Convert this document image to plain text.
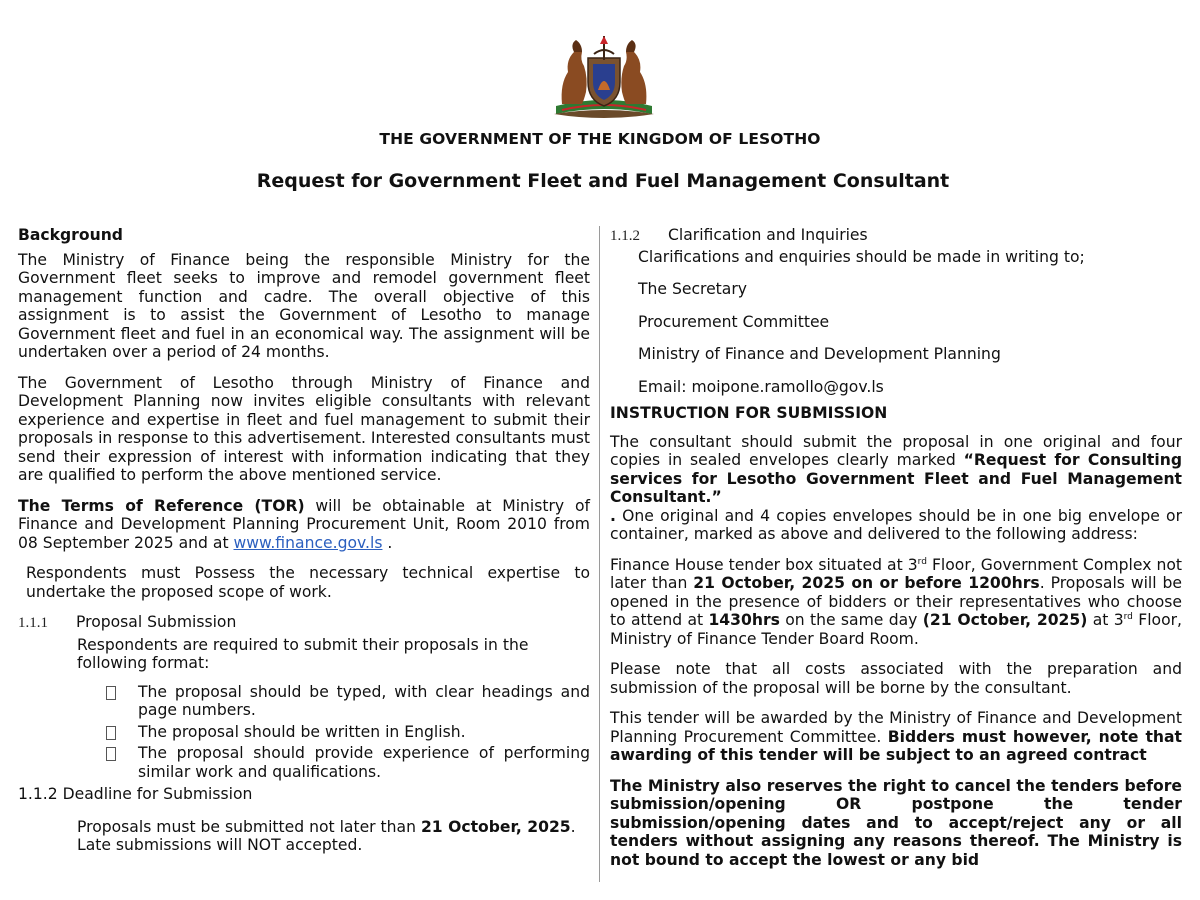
THE GOVERNMENT OF THE KINGDOM OF LESOTHO
Request for Government Fleet and Fuel Management Consultant

Background

The Ministry of Finance being the responsible Ministry for the Government fleet seeks to improve and remodel government fleet management function and cadre. The overall objective of this assignment is to assist the Government of Lesotho to manage Government fleet and fuel in an economical way. The assignment will be undertaken over a period of 24 months.

The Government of Lesotho through Ministry of Finance and Development Planning now invites eligible consultants with relevant experience and expertise in fleet and fuel management to submit their proposals in response to this advertisement. Interested consultants must send their expression of interest with information indicating that they are qualified to perform the above mentioned service.

The Terms of Reference (TOR) will be obtainable at Ministry of Finance and Development Planning Procurement Unit, Room 2010 from 08 September 2025 and at www.finance.gov.ls .

Respondents must Possess the necessary technical expertise to undertake the proposed scope of work.

1.1.1	Proposal Submission

Respondents are required to submit their proposals in the following format:

The proposal should be typed, with clear headings and page numbers.
The proposal should be written in English.
The proposal should provide experience of performing similar work and qualifications.

1.1.2 Deadline for Submission

Proposals must be submitted not later than 21 October, 2025.

Late submissions will NOT accepted.

1.1.2	Clarification and Inquiries

Clarifications and enquiries should be made in writing to;

The Secretary

Procurement Committee

Ministry of Finance and Development Planning

Email: moipone.ramollo@gov.ls

INSTRUCTION FOR SUBMISSION

The consultant should submit the proposal in one original and four copies in sealed envelopes clearly marked “Request for Consulting services for Lesotho Government Fleet and Fuel Management Consultant.”
. One original and 4 copies envelopes should be in one big envelope or container, marked as above and delivered to the following address:

Finance House tender box situated at 3rd Floor, Government Complex not later than 21 October, 2025 on or before 1200hrs. Proposals will be opened in the presence of bidders or their representatives who choose to attend at 1430hrs on the same day (21 October, 2025) at 3rd Floor, Ministry of Finance Tender Board Room.

Please note that all costs associated with the preparation and submission of the proposal will be borne by the consultant.

This tender will be awarded by the Ministry of Finance and Development Planning Procurement Committee. Bidders must however, note that awarding of this tender will be subject to an agreed contract

The Ministry also reserves the right to cancel the tenders before submission/opening OR postpone the tender submission/opening dates and to accept/reject any or all tenders without assigning any reasons thereof. The Ministry is not bound to accept the lowest or any bid
